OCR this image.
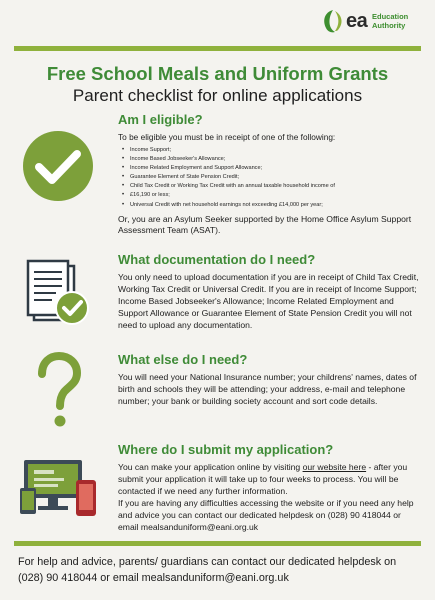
ea Education
Authority
Free School Meals and Uniform Grants
Parent checklist for online applications
Am I eligible?

To be eligible you must be in receipt of one of the following:

• Income Support;
• Income Based Jobseeker's Allowance;
• Income Related Employment and Support Allowance;
• Guarantee Element of State Pension Credit;
• Child Tax Credit or Working Tax Credit with an annual taxable household income of
• £16,190 or less;
• Universal Credit with net household earnings not exceeding £14,000 per year;

Or, you are an Asylum Seeker supported by the Home Office Asylum Support Assessment Team (ASAT).

What documentation do I need?

You only need to upload documentation if you are in receipt of Child Tax Credit, Working Tax Credit or Universal Credit. If you are in receipt of Income Support; Income Based Jobseeker's Allowance; Income Related Employment and Support Allowance or Guarantee Element of State Pension Credit you will not need to upload any documentation.

What else do I need?

You will need your National Insurance number; your childrens' names, dates of birth and schools they will be attending; your address, e-mail and telephone number; your bank or building society account and sort code details.

Where do I submit my application?

You can make your application online by visiting our website here - after you submit your application it will take up to four weeks to process. You will be contacted if we need any further information.

If you are having any difficulties accessing the website or if you need any help and advice you can contact our dedicated helpdesk on (028) 90 418044 or email mealsanduniform@eani.org.uk

For help and advice, parents/ guardians can contact our dedicated helpdesk on (028) 90 418044 or email mealsanduniform@eani.org.uk
